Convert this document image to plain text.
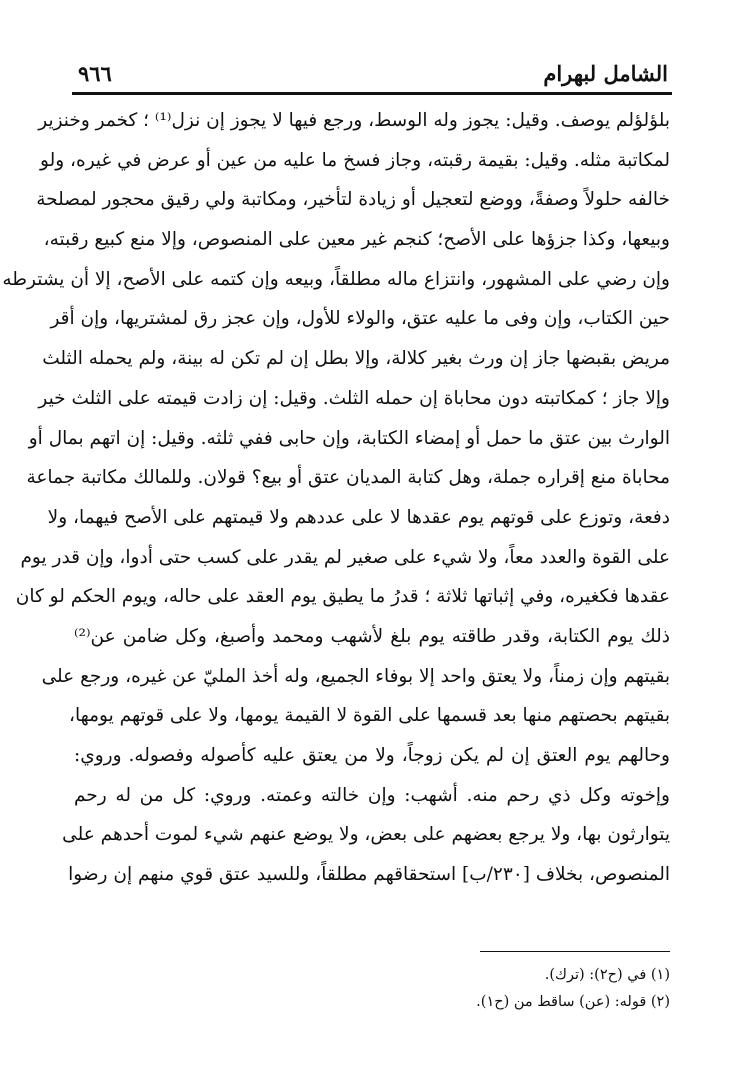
الشامل لبهرام
٩٦٦
بلؤلؤلم يوصف. وقيل: يجوز وله الوسط، ورجع فيها لا يجوز إن نزل⁽¹⁾ ؛ كخمر وخنزير
لمكاتبة مثله. وقيل: بقيمة رقبته، وجاز فسخ ما عليه من عين أو عرض في غيره، ولو
خالفه حلولاً وصفةً، ووضع لتعجيل أو زيادة لتأخير، ومكاتبة ولي رقيق محجور لمصلحة
وبيعها، وكذا جزؤها على الأصح؛ كنجم غير معين على المنصوص، وإلا منع كبيع رقبته،
وإن رضي على المشهور، وانتزاع ماله مطلقاً، وبيعه وإن كتمه على الأصح، إلا أن يشترطه
حين الكتاب، وإن وفى ما عليه عتق، والولاء للأول، وإن عجز رق لمشتريها، وإن أقر
مريض بقبضها جاز إن ورث بغير كلالة، وإلا بطل إن لم تكن له بينة، ولم يحمله الثلث
وإلا جاز ؛ كمكاتبته دون محاباة إن حمله الثلث. وقيل: إن زادت قيمته على الثلث خير
الوارث بين عتق ما حمل أو إمضاء الكتابة، وإن حابى ففي ثلثه. وقيل: إن اتهم بمال أو
محاباة منع إقراره جملة، وهل كتابة المديان عتق أو بيع؟ قولان. وللمالك مكاتبة جماعة
دفعة، وتوزع على قوتهم يوم عقدها لا على عددهم ولا قيمتهم على الأصح فيهما، ولا
على القوة والعدد معاً، ولا شيء على صغير لم يقدر على كسب حتى أدوا، وإن قدر يوم
عقدها فكغيره، وفي إثباتها ثلاثة ؛ قدرُ ما يطيق يوم العقد على حاله، ويوم الحكم لو كان
ذلك يوم الكتابة، وقدر طاقته يوم بلغ لأشهب ومحمد وأصبغ، وكل ضامن عن⁽²⁾
بقيتهم وإن زمناً، ولا يعتق واحد إلا بوفاء الجميع، وله أخذ المليّ عن غيره، ورجع على
بقيتهم بحصتهم منها بعد قسمها على القوة لا القيمة يومها، ولا على قوتهم يومها،
وحالهم يوم العتق إن لم يكن زوجاً، ولا من يعتق عليه كأصوله وفصوله. وروي:
وإخوته وكل ذي رحم منه. أشهب: وإن خالته وعمته. وروي: كل من له رحم
يتوارثون بها، ولا يرجع بعضهم على بعض، ولا يوضع عنهم شيء لموت أحدهم على
المنصوص، بخلاف [٢٣٠/ب] استحقاقهم مطلقاً، وللسيد عتق قوي منهم إن رضوا
(١) في (ح٢): (ترك).
(٢) قوله: (عن) ساقط من (ح١).
